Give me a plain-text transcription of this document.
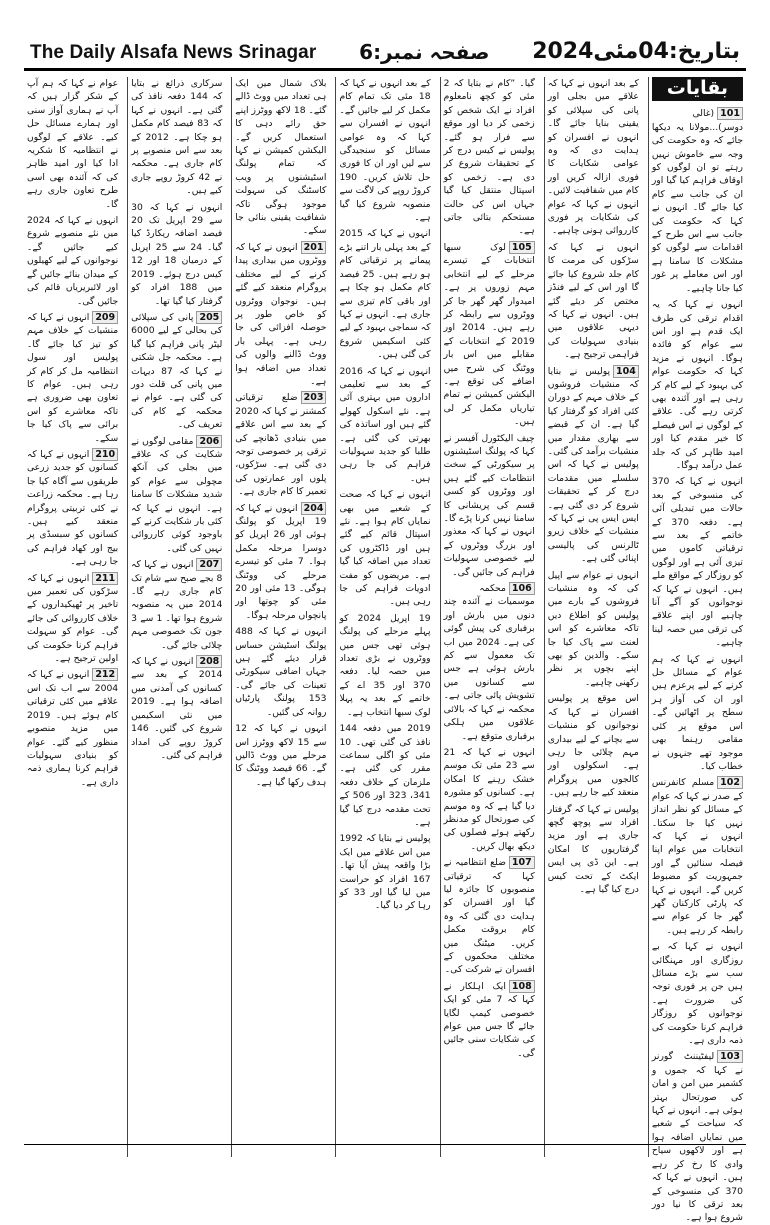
The Daily Alsafa News Srinagar صفحہ نمبر:6 بتاریخ:04مئی2024
بقایات

101(غالی دوسر)...مولانا یہ دیکھا جائے کہ وہ حکومت کی وجہ سے خاموش نہیں رہتے تو ان لوگوں کو اوقاف فراہم کیا گیا اور ان کی جانب سے کام کیا جائے گا۔ انہوں نے کہا کہ حکومت کی جانب سے اس طرح کے اقدامات سے لوگوں کو مشکلات کا سامنا ہے اور اس معاملے پر غور کیا جانا چاہیے۔

انہوں نے کہا کہ یہ اقدام ترقی کی طرف ایک قدم ہے اور اس سے عوام کو فائدہ ہوگا۔ انہوں نے مزید کہا کہ حکومت عوام کی بہبود کے لیے کام کر رہی ہے اور آئندہ بھی کرتی رہے گی۔ علاقے کے لوگوں نے اس فیصلے کا خیر مقدم کیا اور امید ظاہر کی کہ جلد عمل درآمد ہوگا۔

انہوں نے کہا کہ 370 کی منسوخی کے بعد حالات میں تبدیلی آئی ہے۔ دفعہ 370 کے خاتمے کے بعد سے ترقیاتی کاموں میں تیزی آئی ہے اور لوگوں کو روزگار کے مواقع ملے ہیں۔ انہوں نے کہا کہ نوجوانوں کو آگے آنا چاہیے اور اپنے علاقے کی ترقی میں حصہ لینا چاہیے۔

انہوں نے کہا کہ ہم عوام کے مسائل حل کرنے کے لیے پرعزم ہیں اور ان کی آواز ہر سطح پر اٹھائیں گے۔ اس موقع پر کئی مقامی رہنما بھی موجود تھے جنہوں نے خطاب کیا۔

102مسلم کانفرنس کے صدر نے کہا کہ عوام کے مسائل کو نظر انداز نہیں کیا جا سکتا۔ انہوں نے کہا کہ انتخابات میں عوام اپنا فیصلہ سنائیں گے اور جمہوریت کو مضبوط کریں گے۔ انہوں نے کہا کہ پارٹی کارکنان گھر گھر جا کر عوام سے رابطہ کر رہے ہیں۔

انہوں نے کہا کہ بے روزگاری اور مہنگائی سب سے بڑے مسائل ہیں جن پر فوری توجہ کی ضرورت ہے۔ نوجوانوں کو روزگار فراہم کرنا حکومت کی ذمہ داری ہے۔

103لیفٹیننٹ گورنر نے کہا کہ جموں و کشمیر میں امن و امان کی صورتحال بہتر ہوئی ہے۔ انہوں نے کہا کہ سیاحت کے شعبے میں نمایاں اضافہ ہوا ہے اور لاکھوں سیاح وادی کا رخ کر رہے ہیں۔ انہوں نے کہا کہ 370 کی منسوخی کے بعد ترقی کا نیا دور شروع ہوا ہے۔

کے بعد انہوں نے کہا کہ علاقے میں بجلی اور پانی کی سپلائی کو یقینی بنایا جائے گا۔ انہوں نے افسران کو ہدایت دی کہ وہ عوامی شکایات کا فوری ازالہ کریں اور کام میں شفافیت لائیں۔ انہوں نے کہا کہ عوام کی شکایات پر فوری کارروائی ہونی چاہیے۔

انہوں نے کہا کہ سڑکوں کی مرمت کا کام جلد شروع کیا جائے گا اور اس کے لیے فنڈز مختص کر دیئے گئے ہیں۔ انہوں نے کہا کہ دیہی علاقوں میں بنیادی سہولیات کی فراہمی ترجیح ہے۔

104پولیس نے بتایا کہ منشیات فروشوں کے خلاف مہم کے دوران کئی افراد کو گرفتار کیا گیا ہے۔ ان کے قبضے سے بھاری مقدار میں منشیات برآمد کی گئی۔ پولیس نے کہا کہ اس سلسلے میں مقدمات درج کر کے تحقیقات شروع کر دی گئی ہے۔ ایس ایس پی نے کہا کہ منشیات کے خلاف زیرو ٹالرنس کی پالیسی اپنائی گئی ہے۔

انہوں نے عوام سے اپیل کی کہ وہ منشیات فروشوں کے بارے میں پولیس کو اطلاع دیں تاکہ معاشرے کو اس لعنت سے پاک کیا جا سکے۔ والدین کو بھی اپنے بچوں پر نظر رکھنی چاہیے۔

اس موقع پر پولیس افسران نے کہا کہ نوجوانوں کو منشیات سے بچانے کے لیے بیداری مہم چلائی جا رہی ہے۔ اسکولوں اور کالجوں میں پروگرام منعقد کیے جا رہے ہیں۔

پولیس نے کہا کہ گرفتار افراد سے پوچھ گچھ جاری ہے اور مزید گرفتاریوں کا امکان ہے۔ این ڈی پی ایس ایکٹ کے تحت کیس درج کیا گیا ہے۔

گیا۔ ”کام نے بتایا کہ 2 مئی کو کچھ نامعلوم افراد نے ایک شخص کو زخمی کر دیا اور موقع سے فرار ہو گئے۔ پولیس نے کیس درج کر کے تحقیقات شروع کر دی ہے۔ زخمی کو اسپتال منتقل کیا گیا جہاں اس کی حالت مستحکم بتائی جاتی ہے۔

105لوک سبھا انتخابات کے تیسرے مرحلے کے لیے انتخابی مہم زوروں پر ہے۔ امیدوار گھر گھر جا کر ووٹروں سے رابطہ کر رہے ہیں۔ 2014 اور 2019 کے انتخابات کے مقابلے میں اس بار ووٹنگ کی شرح میں اضافے کی توقع ہے۔ الیکشن کمیشن نے تمام تیاریاں مکمل کر لی ہیں۔

چیف الیکٹورل آفیسر نے کہا کہ پولنگ اسٹیشنوں پر سیکورٹی کے سخت انتظامات کیے گئے ہیں اور ووٹروں کو کسی قسم کی پریشانی کا سامنا نہیں کرنا پڑے گا۔ انہوں نے کہا کہ معذور اور بزرگ ووٹروں کے لیے خصوصی سہولیات فراہم کی جائیں گی۔

106محکمہ موسمیات نے آئندہ چند دنوں میں بارش اور برفباری کی پیش گوئی کی ہے۔ 2024 میں اب تک معمول سے کم بارش ہوئی ہے جس سے کسانوں میں تشویش پائی جاتی ہے۔ محکمہ نے کہا کہ بالائی علاقوں میں ہلکی برفباری متوقع ہے۔

انہوں نے کہا کہ 21 سے 23 مئی تک موسم خشک رہنے کا امکان ہے۔ کسانوں کو مشورہ دیا گیا ہے کہ وہ موسم کی صورتحال کو مدنظر رکھتے ہوئے فصلوں کی دیکھ بھال کریں۔

107ضلع انتظامیہ نے کہا کہ ترقیاتی منصوبوں کا جائزہ لیا گیا اور افسران کو ہدایت دی گئی کہ وہ کام بروقت مکمل کریں۔ میٹنگ میں مختلف محکموں کے افسران نے شرکت کی۔

108ایک اہلکار نے کہا کہ 7 مئی کو ایک خصوصی کیمپ لگایا جائے گا جس میں عوام کی شکایات سنی جائیں گی۔

کے بعد انہوں نے کہا کہ 18 مئی تک تمام کام مکمل کر لیے جائیں گے۔ انہوں نے افسران سے کہا کہ وہ عوامی مسائل کو سنجیدگی سے لیں اور ان کا فوری حل تلاش کریں۔ 190 کروڑ روپے کی لاگت سے منصوبہ شروع کیا گیا ہے۔

انہوں نے کہا کہ 2015 کے بعد پہلی بار اتنے بڑے پیمانے پر ترقیاتی کام ہو رہے ہیں۔ 25 فیصد کام مکمل ہو چکا ہے اور باقی کام تیزی سے جاری ہے۔ انہوں نے کہا کہ سماجی بہبود کے لیے کئی اسکیمیں شروع کی گئی ہیں۔

انہوں نے کہا کہ 2016 کے بعد سے تعلیمی اداروں میں بہتری آئی ہے۔ نئے اسکول کھولے گئے ہیں اور اساتذہ کی بھرتی کی گئی ہے۔ طلبا کو جدید سہولیات فراہم کی جا رہی ہیں۔

انہوں نے کہا کہ صحت کے شعبے میں بھی نمایاں کام ہوا ہے۔ نئے اسپتال قائم کیے گئے ہیں اور ڈاکٹروں کی تعداد میں اضافہ کیا گیا ہے۔ مریضوں کو مفت ادویات فراہم کی جا رہی ہیں۔

19 اپریل 2024 کو پہلے مرحلے کی پولنگ ہوئی تھی جس میں ووٹروں نے بڑی تعداد میں حصہ لیا۔ دفعہ 370 اور 35 اے کے خاتمے کے بعد یہ پہلا لوک سبھا انتخاب ہے۔

2019 میں دفعہ 144 نافذ کی گئی تھی۔ 10 مئی کو اگلی سماعت مقرر کی گئی ہے۔ ملزمان کے خلاف دفعہ 341، 323 اور 506 کے تحت مقدمہ درج کیا گیا ہے۔

پولیس نے بتایا کہ 1992 میں اس علاقے میں ایک بڑا واقعہ پیش آیا تھا۔ 167 افراد کو حراست میں لیا گیا اور 33 کو رہا کر دیا گیا۔

بلاک شمال میں ایک ہی تعداد میں ووٹ ڈالے گئے۔ 18 لاکھ ووٹرز اپنے حق رائے دہی کا استعمال کریں گے۔ الیکشن کمیشن نے کہا کہ تمام پولنگ اسٹیشنوں پر ویب کاسٹنگ کی سہولت موجود ہوگی تاکہ شفافیت یقینی بنائی جا سکے۔

201انہوں نے کہا کہ ووٹروں میں بیداری پیدا کرنے کے لیے مختلف پروگرام منعقد کیے گئے ہیں۔ نوجوان ووٹروں کو خاص طور پر حوصلہ افزائی کی جا رہی ہے۔ پہلی بار ووٹ ڈالنے والوں کی تعداد میں اضافہ ہوا ہے۔

203ضلع ترقیاتی کمشنر نے کہا کہ 2020 کے بعد سے اس علاقے میں بنیادی ڈھانچے کی ترقی پر خصوصی توجہ دی گئی ہے۔ سڑکوں، پلوں اور عمارتوں کی تعمیر کا کام جاری ہے۔

204انہوں نے کہا کہ 19 اپریل کو پولنگ ہوئی اور 26 اپریل کو دوسرا مرحلہ مکمل ہوا۔ 7 مئی کو تیسرے مرحلے کی ووٹنگ ہوگی۔ 13 مئی اور 20 مئی کو چوتھا اور پانچواں مرحلہ ہوگا۔

انہوں نے کہا کہ 488 پولنگ اسٹیشن حساس قرار دیئے گئے ہیں جہاں اضافی سیکورٹی تعینات کی جائے گی۔ 153 پولنگ پارٹیاں روانہ کی گئیں۔

انہوں نے کہا کہ 12 سے 15 لاکھ ووٹرز اس مرحلے میں ووٹ ڈالیں گے۔ 66 فیصد ووٹنگ کا ہدف رکھا گیا ہے۔

سرکاری ذرائع نے بتایا کہ 144 دفعہ نافذ کی گئی ہے۔ انہوں نے کہا کہ 83 فیصد کام مکمل ہو چکا ہے۔ 2012 کے بعد سے اس منصوبے پر کام جاری ہے۔ محکمہ نے 42 کروڑ روپے جاری کیے ہیں۔

انہوں نے کہا کہ 30 سے 29 اپریل تک 20 فیصد اضافہ ریکارڈ کیا گیا۔ 24 سے 25 اپریل کے درمیان 18 اور 12 کیس درج ہوئے۔ 2019 میں 188 افراد کو گرفتار کیا گیا تھا۔

205پانی کی سپلائی کی بحالی کے لیے 6000 لیٹر پانی فراہم کیا گیا ہے۔ محکمہ جل شکتی نے کہا کہ 87 دیہات میں پانی کی قلت دور کی گئی ہے۔ عوام نے محکمہ کے کام کی تعریف کی۔

206مقامی لوگوں نے شکایت کی کہ علاقے میں بجلی کی آنکھ مچولی سے عوام کو شدید مشکلات کا سامنا ہے۔ انہوں نے کہا کہ کئی بار شکایت کرنے کے باوجود کوئی کارروائی نہیں کی گئی۔

207انہوں نے کہا کہ 8 بجے صبح سے شام تک کام جاری رہے گا۔ 2014 میں یہ منصوبہ شروع ہوا تھا۔ 1 سے 3 جون تک خصوصی مہم چلائی جائے گی۔

208انہوں نے کہا کہ 2014 کے بعد سے کسانوں کی آمدنی میں اضافہ ہوا ہے۔ 2019 میں نئی اسکیمیں شروع کی گئیں۔ 146 کروڑ روپے کی امداد فراہم کی گئی۔

عوام نے کہا کہ ہم آپ کے شکر گزار ہیں کہ آپ نے ہماری آواز سنی اور ہمارے مسائل حل کیے۔ علاقے کے لوگوں نے انتظامیہ کا شکریہ ادا کیا اور امید ظاہر کی کہ آئندہ بھی اسی طرح تعاون جاری رہے گا۔

انہوں نے کہا کہ 2024 میں نئے منصوبے شروع کیے جائیں گے۔ نوجوانوں کے لیے کھیلوں کے میدان بنائے جائیں گے اور لائبریریاں قائم کی جائیں گی۔

209انہوں نے کہا کہ منشیات کے خلاف مہم کو تیز کیا جائے گا۔ پولیس اور سول انتظامیہ مل کر کام کر رہی ہیں۔ عوام کا تعاون بھی ضروری ہے تاکہ معاشرے کو اس برائی سے پاک کیا جا سکے۔

210انہوں نے کہا کہ کسانوں کو جدید زرعی طریقوں سے آگاہ کیا جا رہا ہے۔ محکمہ زراعت نے کئی تربیتی پروگرام منعقد کیے ہیں۔ کسانوں کو سبسڈی پر بیج اور کھاد فراہم کی جا رہی ہے۔

211انہوں نے کہا کہ سڑکوں کی تعمیر میں تاخیر پر ٹھیکیداروں کے خلاف کارروائی کی جائے گی۔ عوام کو سہولت فراہم کرنا حکومت کی اولین ترجیح ہے۔

212انہوں نے کہا کہ 2004 سے اب تک اس علاقے میں کئی ترقیاتی کام ہوئے ہیں۔ 2019 میں مزید منصوبے منظور کیے گئے۔ عوام کو بنیادی سہولیات فراہم کرنا ہماری ذمہ داری ہے۔
